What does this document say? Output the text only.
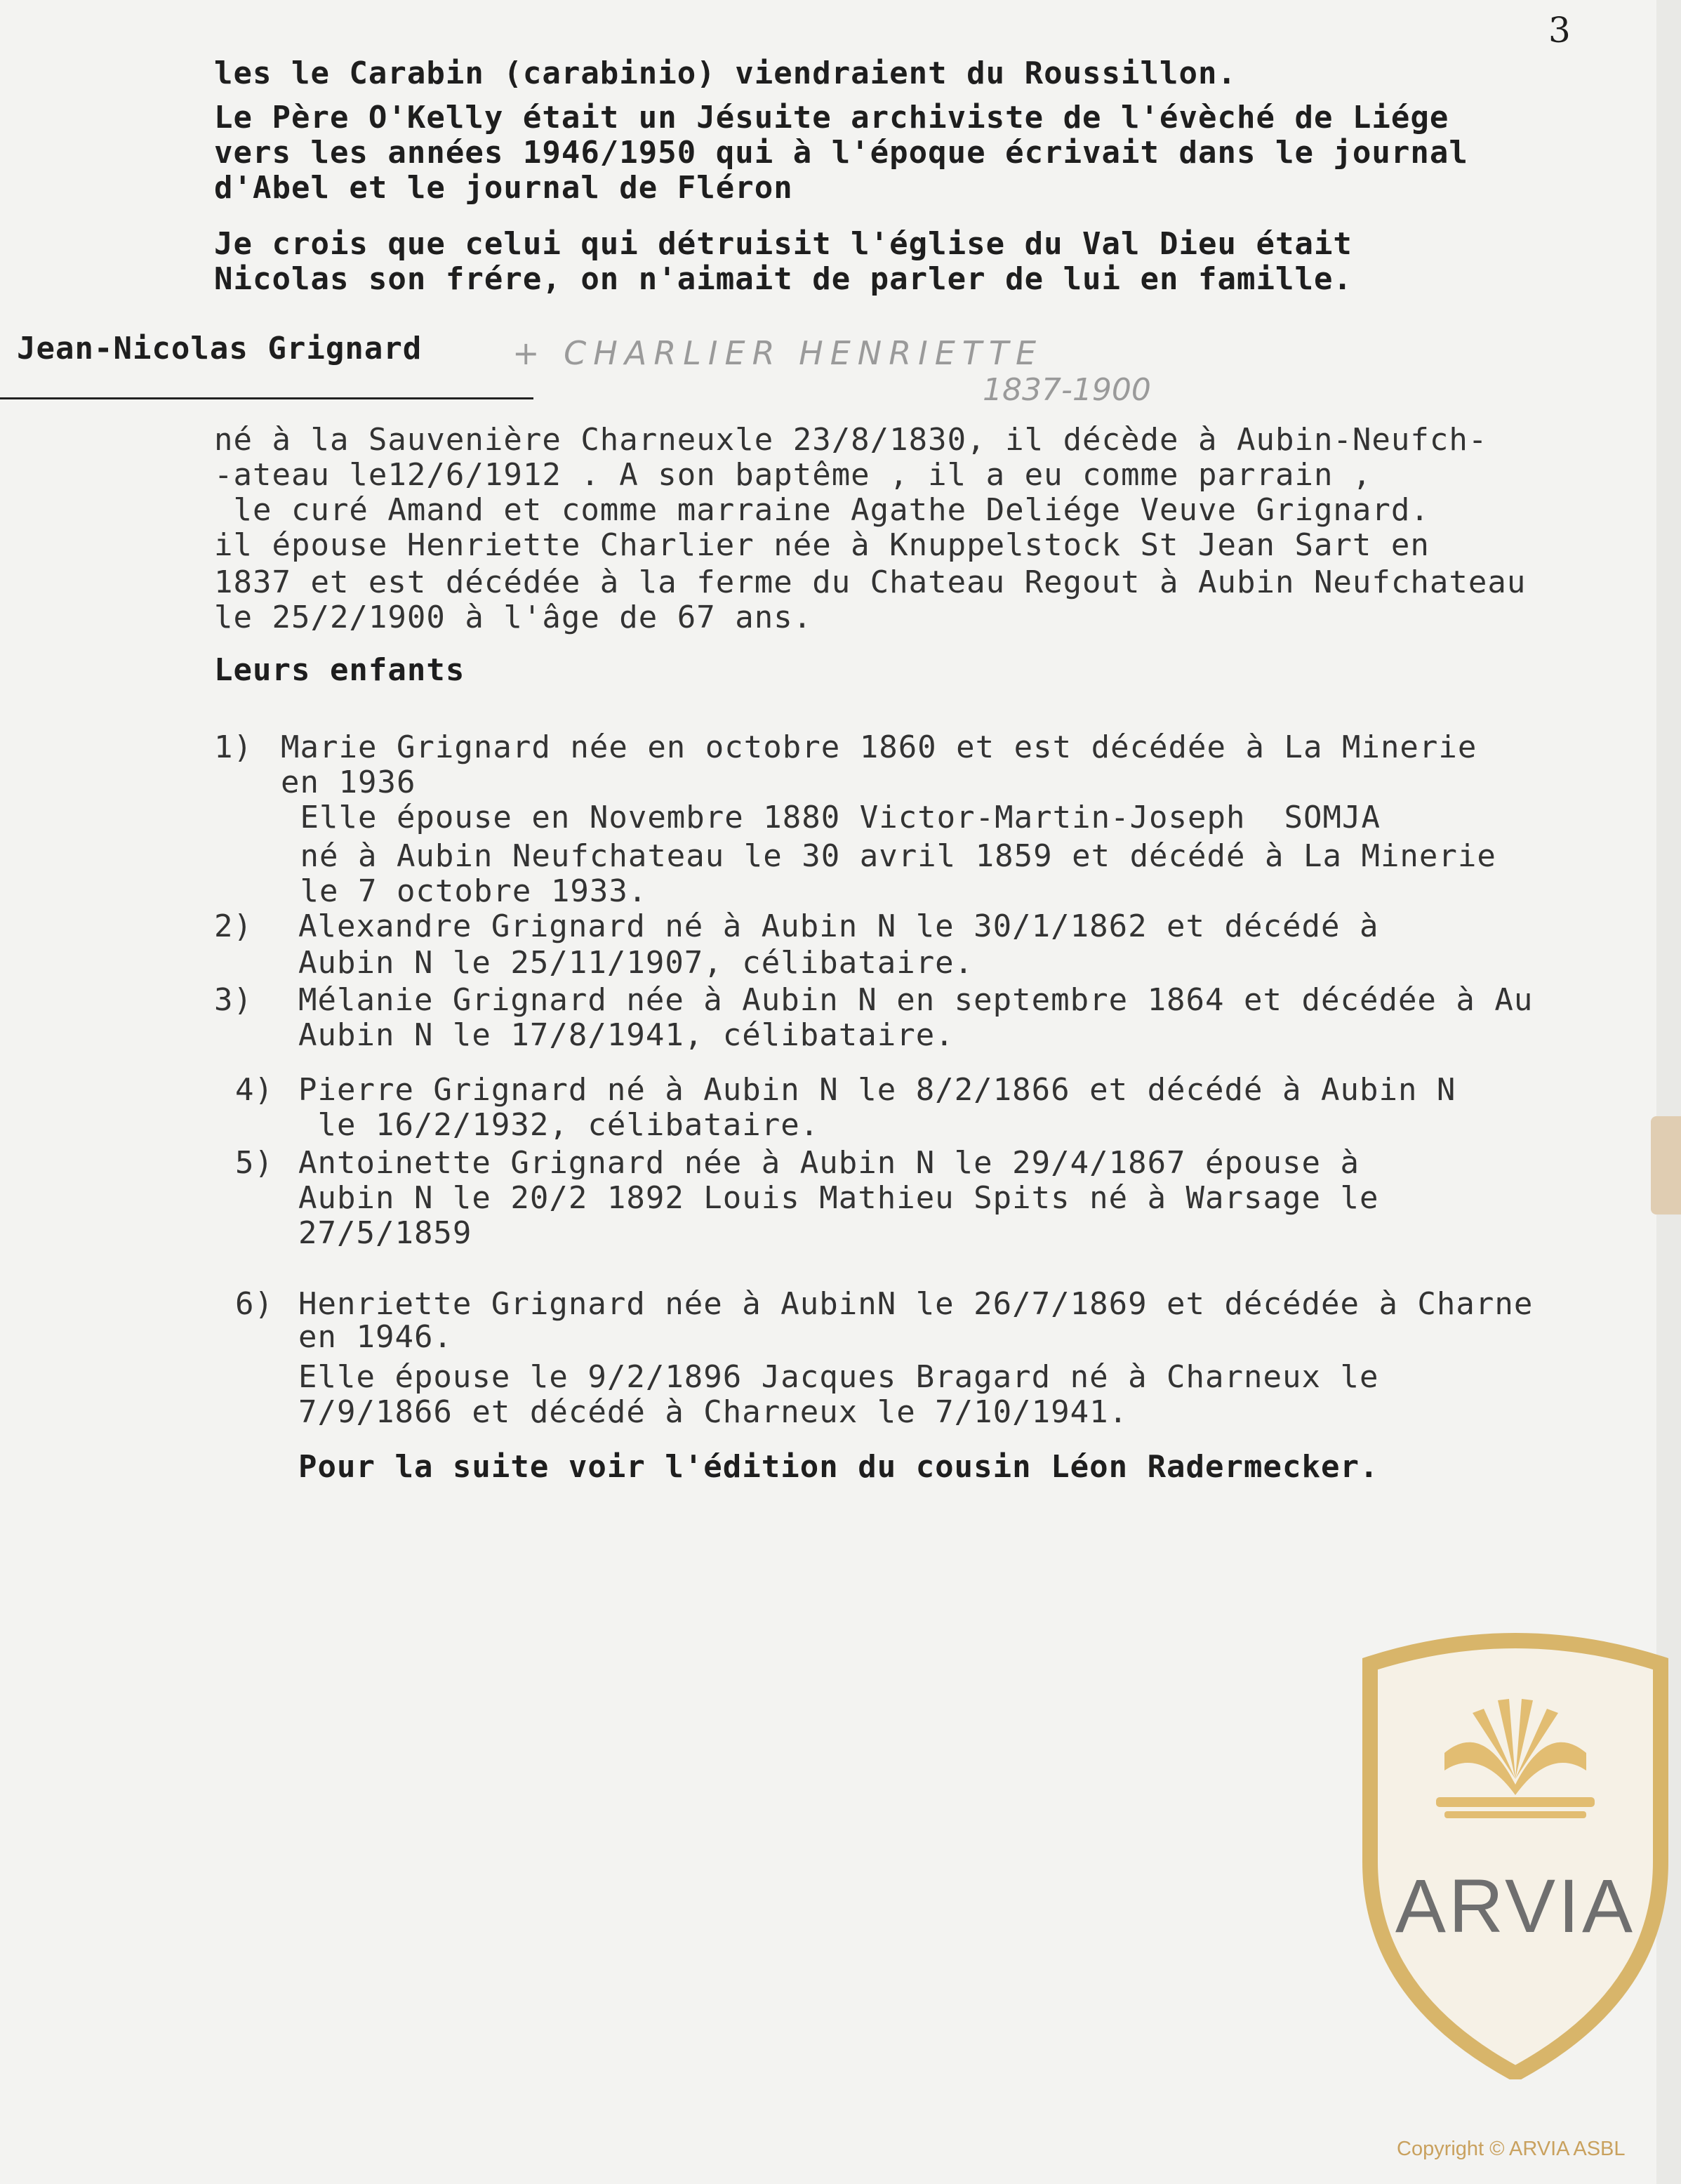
3
les le Carabin (carabinio) viendraient du Roussillon.
Le Père O'Kelly était un Jésuite archiviste de l'évèché de Liége
vers les années 1946/1950 qui à l'époque écrivait dans le journal
d'Abel et le journal de Fléron
Je crois que celui qui détruisit l'église du Val Dieu était
Nicolas son frére, on n'aimait de parler de lui en famille.
Jean-Nicolas Grignard	+ CHARLIER HENRIETTE
1837-1900
né à la Sauvenière Charneuxle 23/8/1830, il décède à Aubin-Neufch-
-ateau le12/6/1912 . A son baptême , il a eu comme parrain ,
le curé Amand et comme marraine Agathe Deliége Veuve Grignard.
il épouse Henriette Charlier née à Knuppelstock St Jean Sart en
1837 et est décédée à la ferme du Chateau Regout à Aubin Neufchateau
le 25/2/1900 à l'âge de 67 ans.
Leurs enfants
1) Marie Grignard née en octobre 1860 et est décédée à La Minerie
en 1936
Elle épouse en Novembre 1880 Victor-Martin-Joseph  SOMJA
né à Aubin Neufchateau le 30 avril 1859 et décédé à La Minerie
le 7 octobre 1933.
2) Alexandre Grignard né à Aubin N le 30/1/1862 et décédé à
Aubin N le 25/11/1907, célibataire.
3) Mélanie Grignard née à Aubin N en septembre 1864 et décédée à Au
Aubin N le 17/8/1941, célibataire.
4) Pierre Grignard né à Aubin N le 8/2/1866 et décédé à Aubin N
le 16/2/1932, célibataire.
5) Antoinette Grignard née à Aubin N le 29/4/1867 épouse à
Aubin N le 20/2 1892 Louis Mathieu Spits né à Warsage le
27/5/1859
6) Henriette Grignard née à AubinN le 26/7/1869 et décédée à Charne
en 1946.
Elle épouse le 9/2/1896 Jacques Bragard né à Charneux le
7/9/1866 et décédé à Charneux le 7/10/1941.
Pour la suite voir l'édition du cousin Léon Radermecker.
ARVIA
Copyright © ARVIA ASBL
